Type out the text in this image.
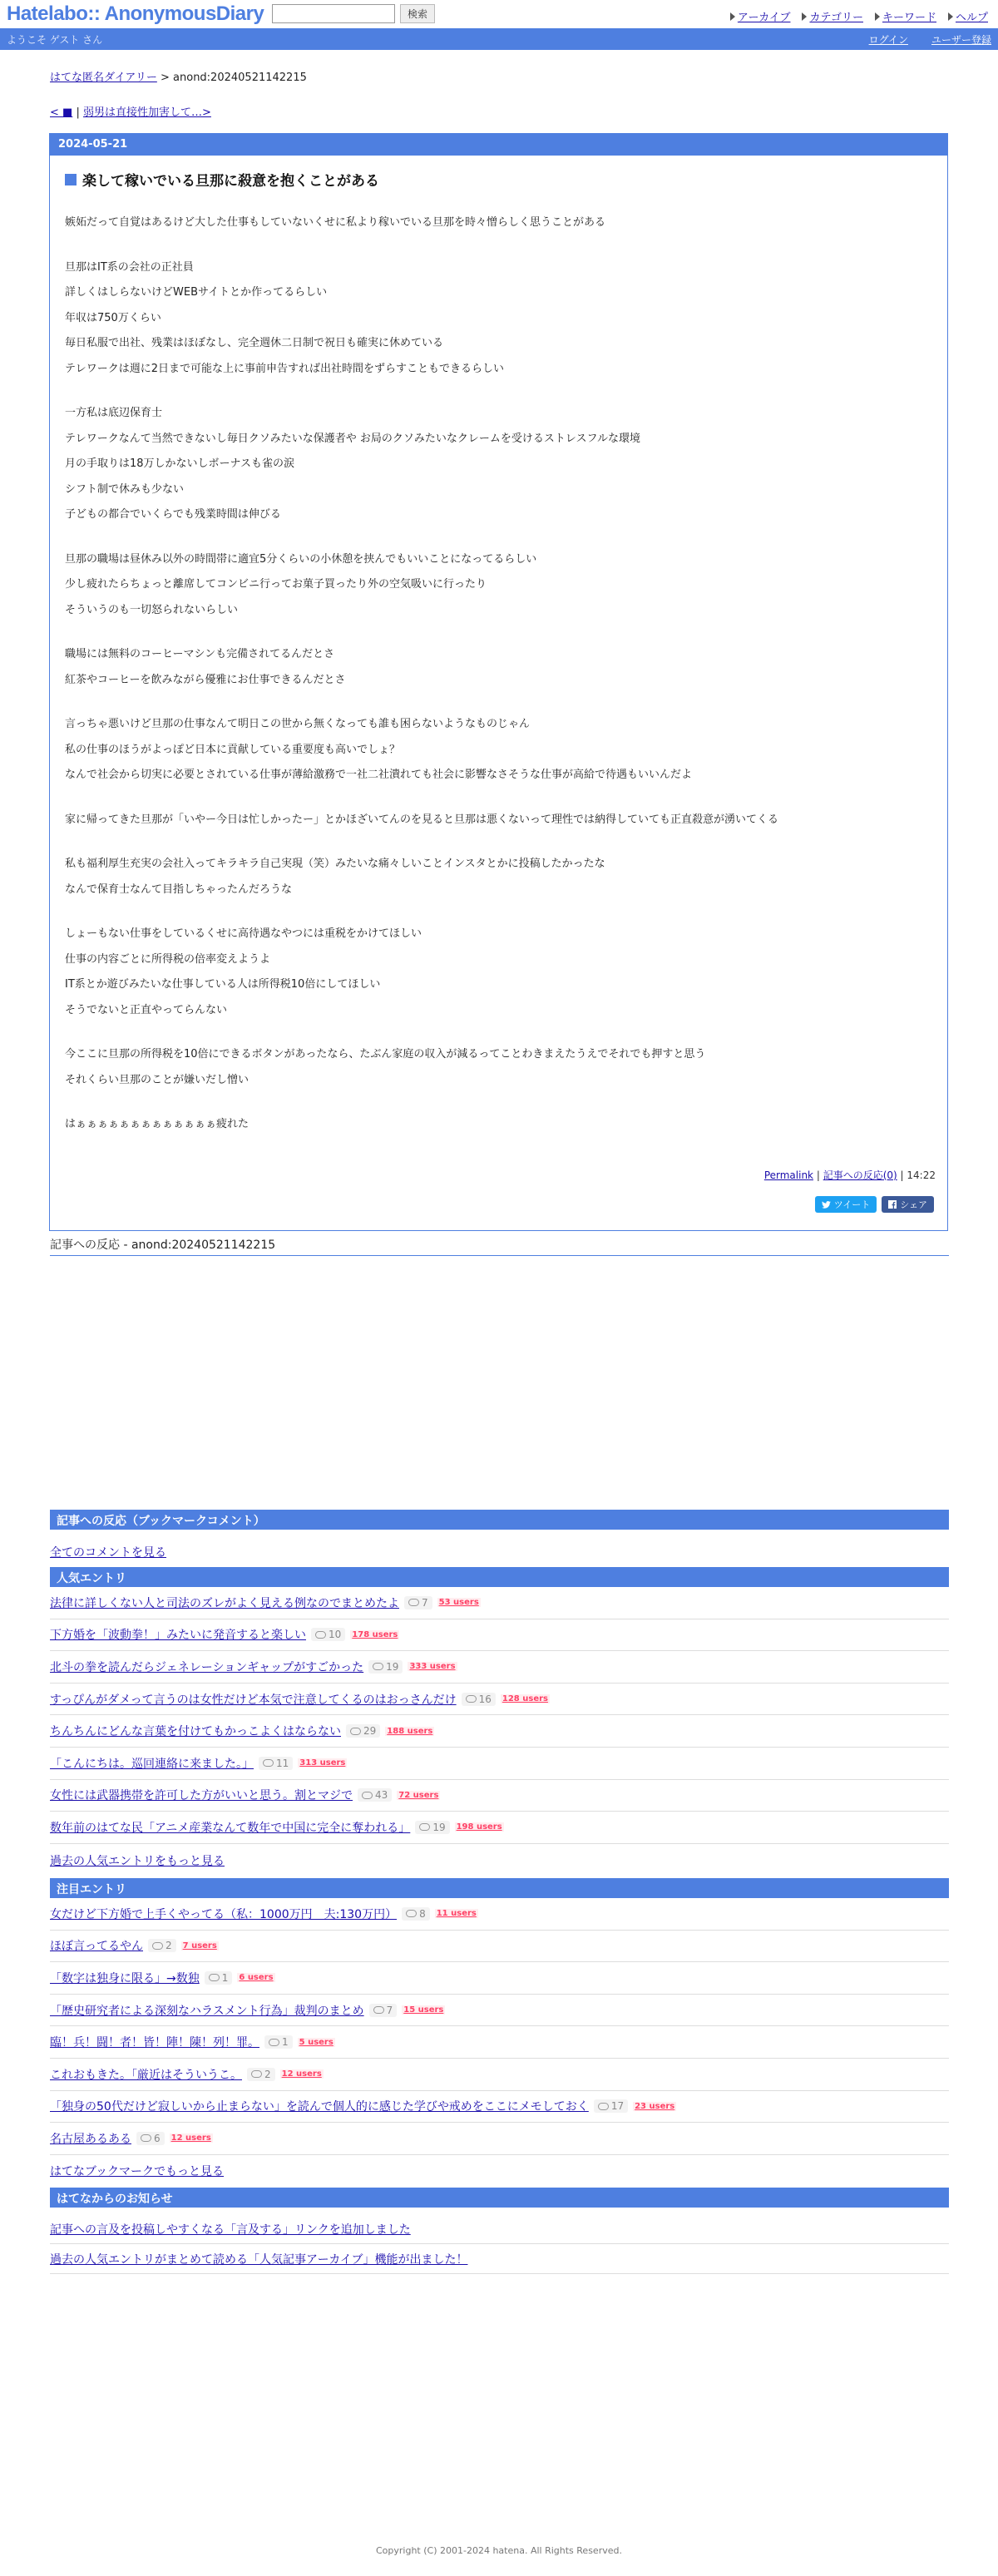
Hatelabo:: AnonymousDiary	検索	アーカイブ カテゴリー キーワード ヘルプ
ようこそ ゲスト さん	ログイン ユーザー登録
はてな匿名ダイアリー > anond:20240521142215
< ■ | 弱男は直接性加害して…>
2024-05-21
楽して稼いでいる旦那に殺意を抱くことがある
嫉妬だって自覚はあるけど大した仕事もしていないくせに私より稼いでいる旦那を時々憎らしく思うことがある
旦那はIT系の会社の正社員
詳しくはしらないけどWEBサイトとか作ってるらしい
年収は750万くらい
毎日私服で出社、残業はほぼなし、完全週休二日制で祝日も確実に休めている
テレワークは週に2日まで可能な上に事前申告すれば出社時間をずらすこともできるらしい
一方私は底辺保育士
テレワークなんて当然できないし毎日クソみたいな保護者や お局のクソみたいなクレームを受けるストレスフルな環境
月の手取りは18万しかないしボーナスも雀の涙
シフト制で休みも少ない
子どもの都合でいくらでも残業時間は伸びる
旦那の職場は昼休み以外の時間帯に適宜5分くらいの小休憩を挟んでもいいことになってるらしい
少し疲れたらちょっと離席してコンビニ行ってお菓子買ったり外の空気吸いに行ったり
そういうのも一切怒られないらしい
職場には無料のコーヒーマシンも完備されてるんだとさ
紅茶やコーヒーを飲みながら優雅にお仕事できるんだとさ
言っちゃ悪いけど旦那の仕事なんて明日この世から無くなっても誰も困らないようなものじゃん
私の仕事のほうがよっぽど日本に貢献している重要度も高いでしょ？
なんで社会から切実に必要とされている仕事が薄給激務で一社二社潰れても社会に影響なさそうな仕事が高給で待遇もいいんだよ
家に帰ってきた旦那が「いやー今日は忙しかったー」とかほざいてんのを見ると旦那は悪くないって理性では納得していても正直殺意が湧いてくる
私も福利厚生充実の会社入ってキラキラ自己実現（笑）みたいな痛々しいことインスタとかに投稿したかったな
なんで保育士なんて目指しちゃったんだろうな
しょーもない仕事をしているくせに高待遇なやつには重税をかけてほしい
仕事の内容ごとに所得税の倍率変えようよ
IT系とか遊びみたいな仕事している人は所得税10倍にしてほしい
そうでないと正直やってらんない
今ここに旦那の所得税を10倍にできるボタンがあったなら、たぶん家庭の収入が減るってことわきまえたうえでそれでも押すと思う
それくらい旦那のことが嫌いだし憎い
はぁぁぁぁぁぁぁぁぁぁぁぁぁ疲れた
Permalink | 記事への反応(0) | 14:22
ツイート	シェア
記事への反応 - anond:20240521142215
記事への反応（ブックマークコメント）
全てのコメントを見る
人気エントリ
法律に詳しくない人と司法のズレがよく見える例なのでまとめたよ 7 53 users
下方婚を「波動拳！」みたいに発音すると楽しい 10 178 users
北斗の拳を読んだらジェネレーションギャップがすごかった 19 333 users
すっぴんがダメって言うのは女性だけど本気で注意してくるのはおっさんだけ 16 128 users
ちんちんにどんな言葉を付けてもかっこよくはならない 29 188 users
「こんにちは。巡回連絡に来ました。」 11 313 users
女性には武器携帯を許可した方がいいと思う。割とマジで 43 72 users
数年前のはてな民「アニメ産業なんて数年で中国に完全に奪われる」 19 198 users
過去の人気エントリをもっと見る
注目エントリ
女だけど下方婚で上手くやってる（私：1000万円　夫:130万円） 8 11 users
ほぼ言ってるやん 2 7 users
「数字は独身に限る」→数独 1 6 users
「歴史研究者による深刻なハラスメント行為」裁判のまとめ 7 15 users
臨！兵！闘！者！皆！陣！陳！列！罪。 1 5 users
これおもきた。「厳近はそういうこ。 2 12 users
「独身の50代だけど寂しいから止まらない」を読んで個人的に感じた学びや戒めをここにメモしておく 17 23 users
名古屋あるある 6 12 users
はてなブックマークでもっと見る
はてなからのお知らせ
記事への言及を投稿しやすくなる「言及する」リンクを追加しました
過去の人気エントリがまとめて読める「人気記事アーカイブ」機能が出ました！
Copyright (C) 2001-2024 hatena. All Rights Reserved.
